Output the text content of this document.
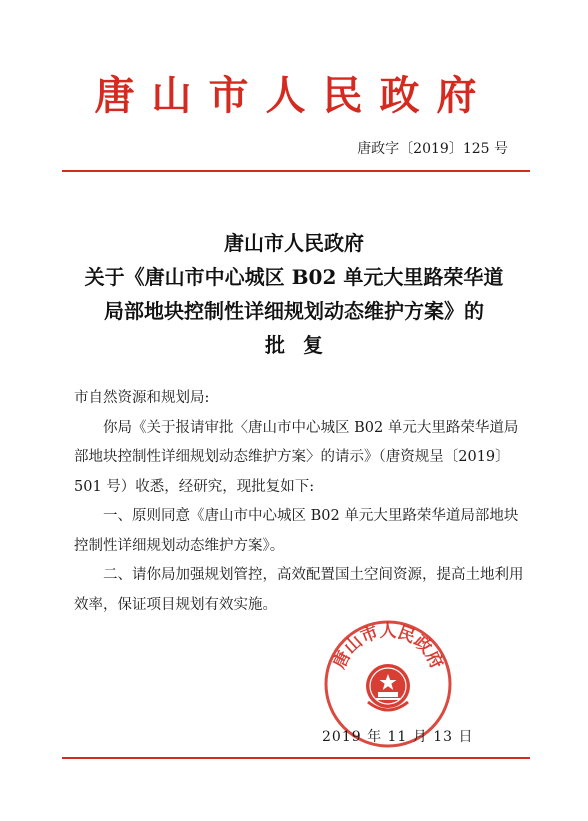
唐山市人民政府
唐政字〔2019〕125 号
唐山市人民政府
关于《唐山市中心城区 B02 单元大里路荣华道
局部地块控制性详细规划动态维护方案》的
批复

市自然资源和规划局:

你局《关于报请审批〈唐山市中心城区 B02 单元大里路荣华道局部地块控制性详细规划动态维护方案〉的请示》（唐资规呈〔2019〕501 号）收悉，经研究，现批复如下:

一、原则同意《唐山市中心城区 B02 单元大里路荣华道局部地块控制性详细规划动态维护方案》。

二、请你局加强规划管控，高效配置国土空间资源，提高土地利用效率，保证项目规划有效实施。

唐山市人民政府
2019 年 11 月 13 日
